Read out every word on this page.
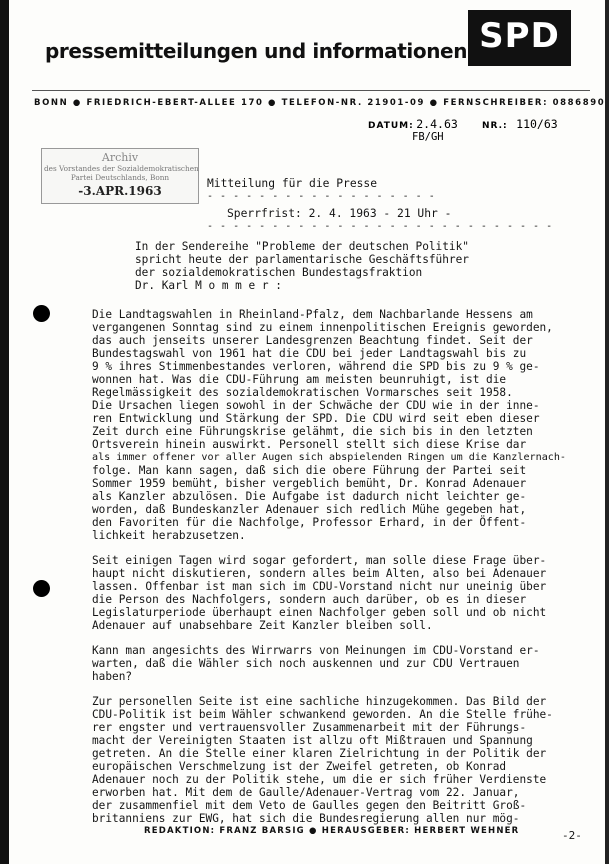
pressemitteilungen und informationen SPD
BONN ● FRIEDRICH-EBERT-ALLEE 170 ● TELEFON-NR. 21901-09 ● FERNSCHREIBER: 0886890
DATUM: 2.4.63	NR.: 110/63
FB/GH
Archiv
des Vorstandes der Sozialdemokratischen
Partei Deutschlands, Bonn
-3.APR.1963
Mitteilung für die Presse
- - - - - - - - - - - - - - - - - -
Sperrfrist: 2. 4. 1963 - 21 Uhr -
- - - - - - - - - - - - - - - - - - - - - - - - - - -
In der Sendereihe "Probleme der deutschen Politik"
spricht heute der parlamentarische Geschäftsführer
der sozialdemokratischen Bundestagsfraktion
Dr. Karl M o m m e r :
Die Landtagswahlen in Rheinland-Pfalz, dem Nachbarlande Hessens am
vergangenen Sonntag sind zu einem innenpolitischen Ereignis geworden,
das auch jenseits unserer Landesgrenzen Beachtung findet. Seit der
Bundestagswahl von 1961 hat die CDU bei jeder Landtagswahl bis zu
9 % ihres Stimmenbestandes verloren, während die SPD bis zu 9 % ge-
wonnen hat. Was die CDU-Führung am meisten beunruhigt, ist die
Regelmässigkeit des sozialdemokratischen Vormarsches seit 1958.
Die Ursachen liegen sowohl in der Schwäche der CDU wie in der inne-
ren Entwicklung und Stärkung der SPD. Die CDU wird seit eben dieser
Zeit durch eine Führungskrise gelähmt, die sich bis in den letzten
Ortsverein hinein auswirkt. Personell stellt sich diese Krise dar
als immer offener vor aller Augen sich abspielenden Ringen um die Kanzlernach-
folge. Man kann sagen, daß sich die obere Führung der Partei seit
Sommer 1959 bemüht, bisher vergeblich bemüht, Dr. Konrad Adenauer
als Kanzler abzulösen. Die Aufgabe ist dadurch nicht leichter ge-
worden, daß Bundeskanzler Adenauer sich redlich Mühe gegeben hat,
den Favoriten für die Nachfolge, Professor Erhard, in der Öffent-
lichkeit herabzusetzen.
Seit einigen Tagen wird sogar gefordert, man solle diese Frage über-
haupt nicht diskutieren, sondern alles beim Alten, also bei Adenauer
lassen. Offenbar ist man sich im CDU-Vorstand nicht nur uneinig über
die Person des Nachfolgers, sondern auch darüber, ob es in dieser
Legislaturperiode überhaupt einen Nachfolger geben soll und ob nicht
Adenauer auf unabsehbare Zeit Kanzler bleiben soll.
Kann man angesichts des Wirrwarrs von Meinungen im CDU-Vorstand er-
warten, daß die Wähler sich noch auskennen und zur CDU Vertrauen
haben?
Zur personellen Seite ist eine sachliche hinzugekommen. Das Bild der
CDU-Politik ist beim Wähler schwankend geworden. An die Stelle frühe-
rer engster und vertrauensvoller Zusammenarbeit mit der Führungs-
macht der Vereinigten Staaten ist allzu oft Mißtrauen und Spannung
getreten. An die Stelle einer klaren Zielrichtung in der Politik der
europäischen Verschmelzung ist der Zweifel getreten, ob Konrad
Adenauer noch zu der Politik stehe, um die er sich früher Verdienste
erworben hat. Mit dem de Gaulle/Adenauer-Vertrag vom 22. Januar,
der zusammenfiel mit dem Veto de Gaulles gegen den Beitritt Groß-
britanniens zur EWG, hat sich die Bundesregierung allen nur mög-
REDAKTION: FRANZ BARSIG ● HERAUSGEBER: HERBERT WEHNER	-2-
